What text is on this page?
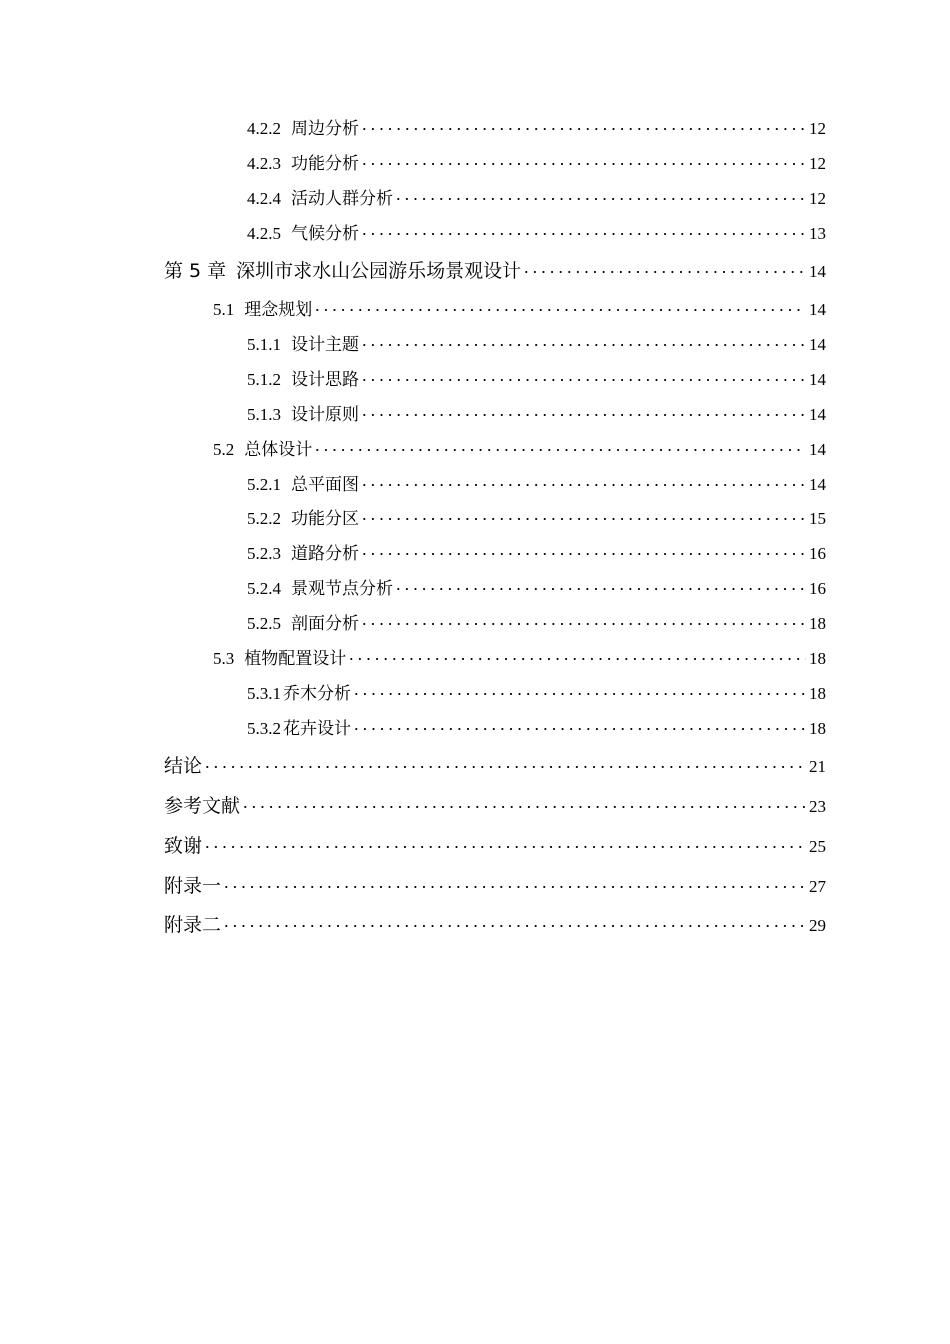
4.2.2 周边分析	12
4.2.3 功能分析	12
4.2.4 活动人群分析	12
4.2.5 气候分析	13
第 5 章 深圳市求水山公园游乐场景观设计	14
5.1 理念规划	14
5.1.1 设计主题	14
5.1.2 设计思路	14
5.1.3 设计原则	14
5.2 总体设计	14
5.2.1 总平面图	14
5.2.2 功能分区	15
5.2.3 道路分析	16
5.2.4 景观节点分析	16
5.2.5 剖面分析	18
5.3 植物配置设计	18
5.3.1 乔木分析	18
5.3.2 花卉设计	18
结论	21
参考文献	23
致谢	25
附录一	27
附录二	29
